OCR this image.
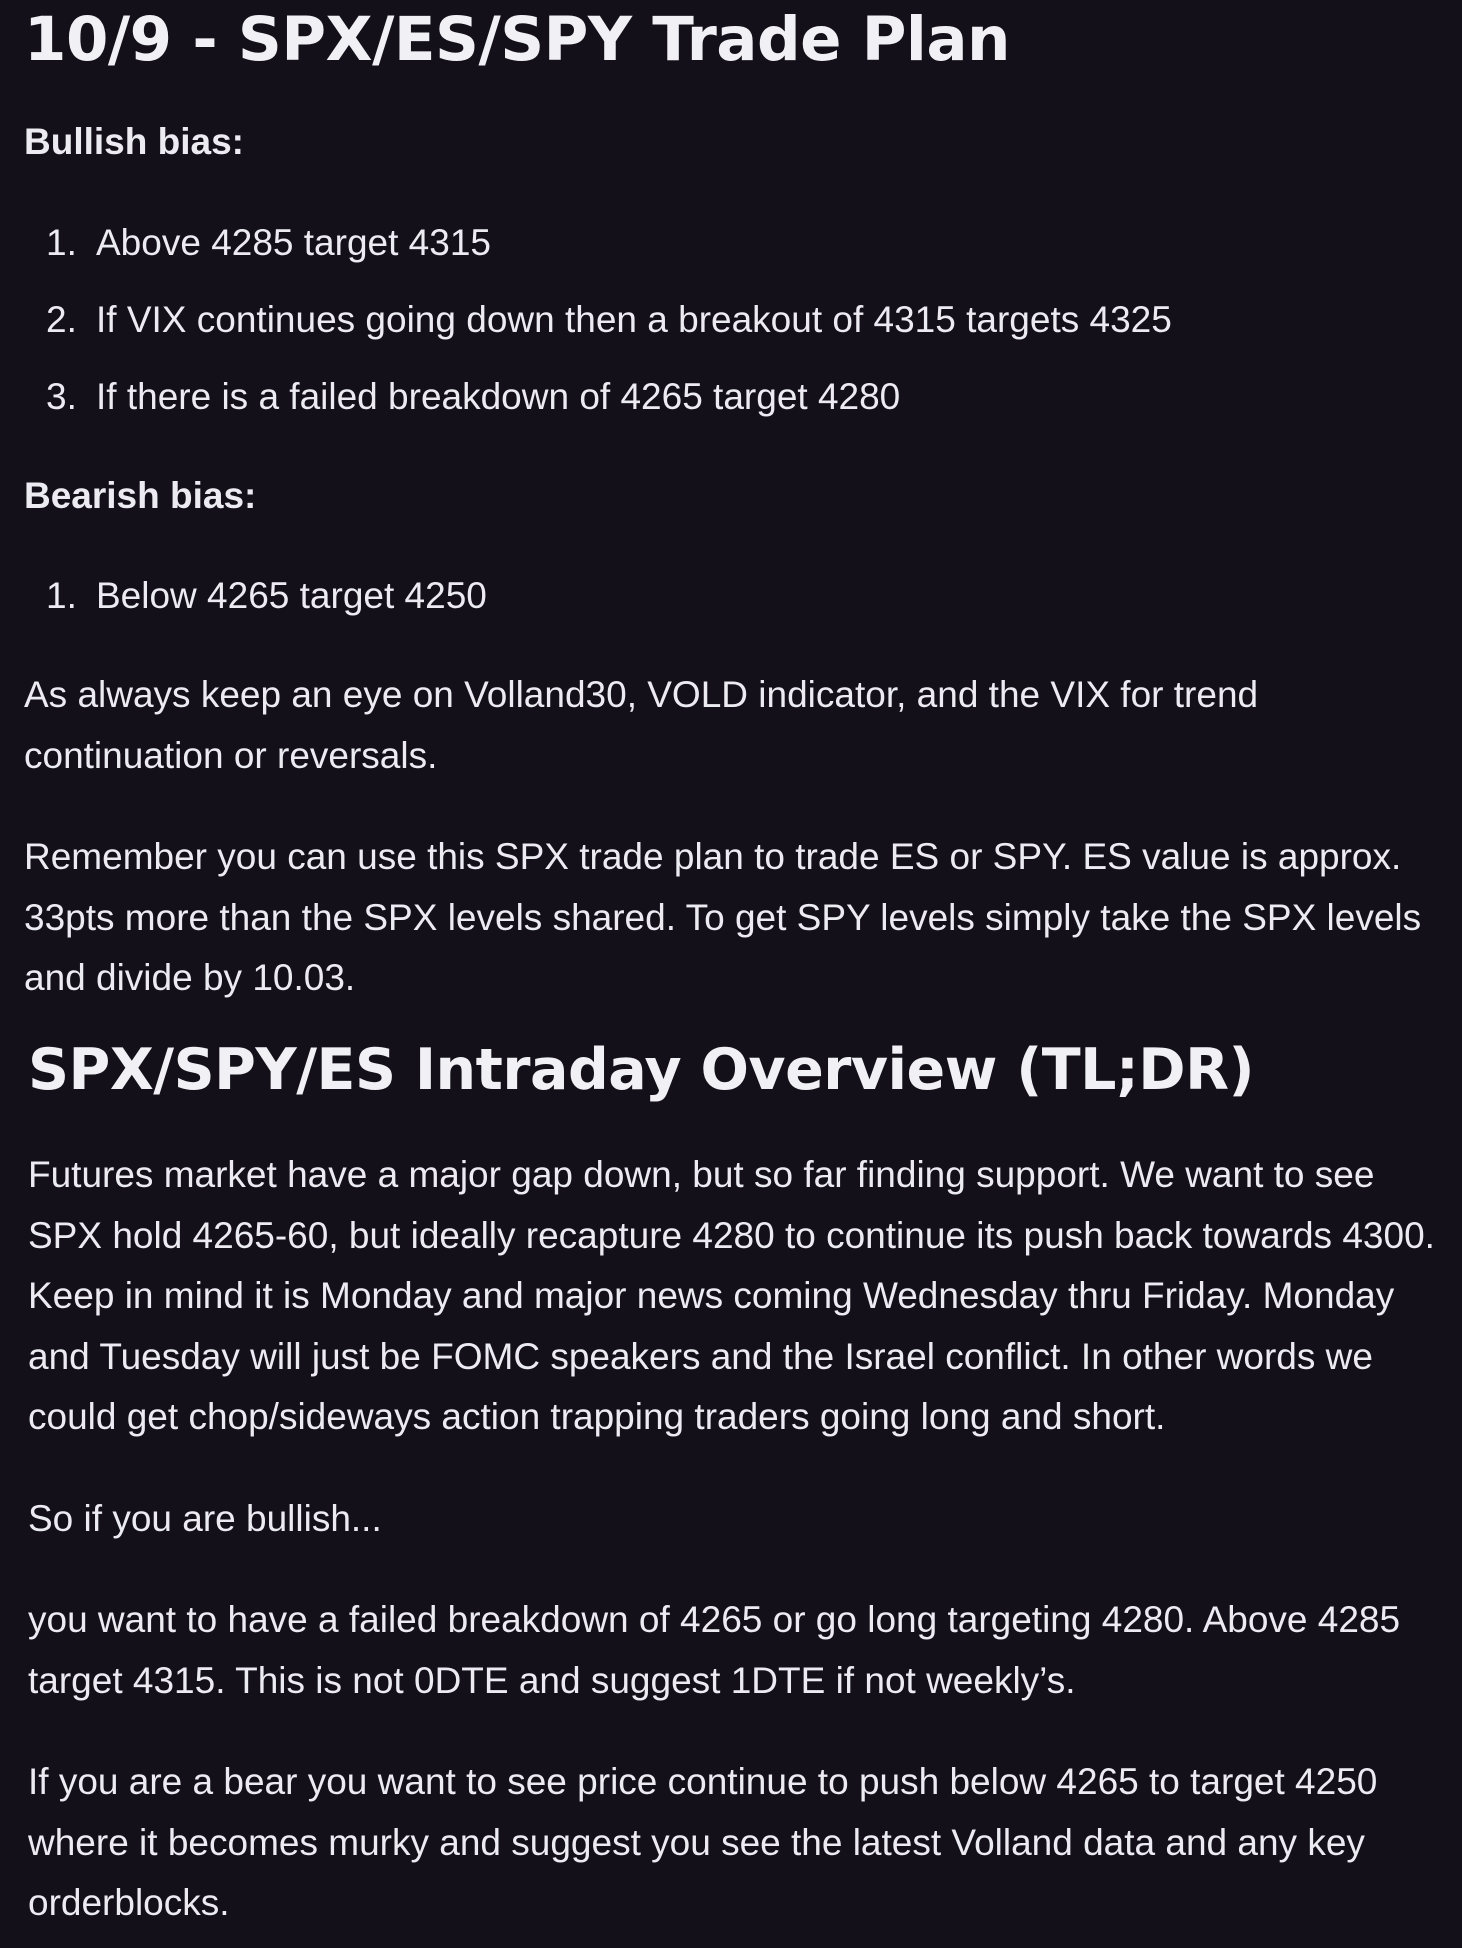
10/9 - SPX/ES/SPY Trade Plan
Bullish bias:
1. Above 4285 target 4315
2. If VIX continues going down then a breakout of 4315 targets 4325
3. If there is a failed breakdown of 4265 target 4280
Bearish bias:
1. Below 4265 target 4250

As always keep an eye on Volland30, VOLD indicator, and the VIX for trend continuation or reversals.

Remember you can use this SPX trade plan to trade ES or SPY. ES value is approx. 33pts more than the SPX levels shared. To get SPY levels simply take the SPX levels and divide by 10.03.

SPX/SPY/ES Intraday Overview (TL;DR)

Futures market have a major gap down, but so far finding support. We want to see SPX hold 4265-60, but ideally recapture 4280 to continue its push back towards 4300. Keep in mind it is Monday and major news coming Wednesday thru Friday. Monday and Tuesday will just be FOMC speakers and the Israel conflict. In other words we could get chop/sideways action trapping traders going long and short.

So if you are bullish...

you want to have a failed breakdown of 4265 or go long targeting 4280. Above 4285 target 4315. This is not 0DTE and suggest 1DTE if not weekly’s.

If you are a bear you want to see price continue to push below 4265 to target 4250 where it becomes murky and suggest you see the latest Volland data and any key orderblocks.
